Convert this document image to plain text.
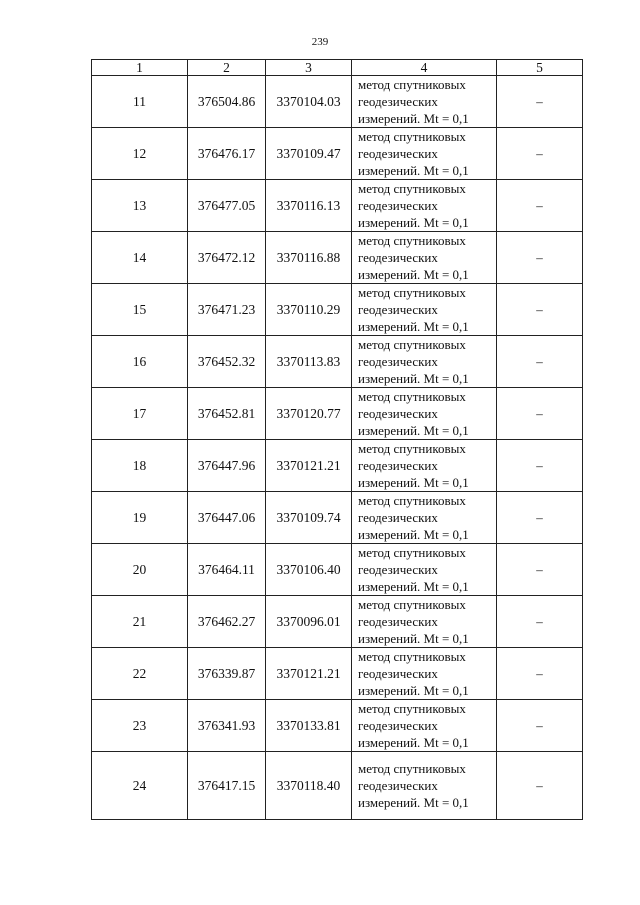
239
1	2	3	4	5
11	376504.86	3370104.03	метод спутниковых
геодезических
измерений. Mt = 0,1	–
12	376476.17	3370109.47	метод спутниковых
геодезических
измерений. Mt = 0,1	–
13	376477.05	3370116.13	метод спутниковых
геодезических
измерений. Mt = 0,1	–
14	376472.12	3370116.88	метод спутниковых
геодезических
измерений. Mt = 0,1	–
15	376471.23	3370110.29	метод спутниковых
геодезических
измерений. Mt = 0,1	–
16	376452.32	3370113.83	метод спутниковых
геодезических
измерений. Mt = 0,1	–
17	376452.81	3370120.77	метод спутниковых
геодезических
измерений. Mt = 0,1	–
18	376447.96	3370121.21	метод спутниковых
геодезических
измерений. Mt = 0,1	–
19	376447.06	3370109.74	метод спутниковых
геодезических
измерений. Mt = 0,1	–
20	376464.11	3370106.40	метод спутниковых
геодезических
измерений. Mt = 0,1	–
21	376462.27	3370096.01	метод спутниковых
геодезических
измерений. Mt = 0,1	–
22	376339.87	3370121.21	метод спутниковых
геодезических
измерений. Mt = 0,1	–
23	376341.93	3370133.81	метод спутниковых
геодезических
измерений. Mt = 0,1	–
24	376417.15	3370118.40	метод спутниковых
геодезических
измерений. Mt = 0,1	–
